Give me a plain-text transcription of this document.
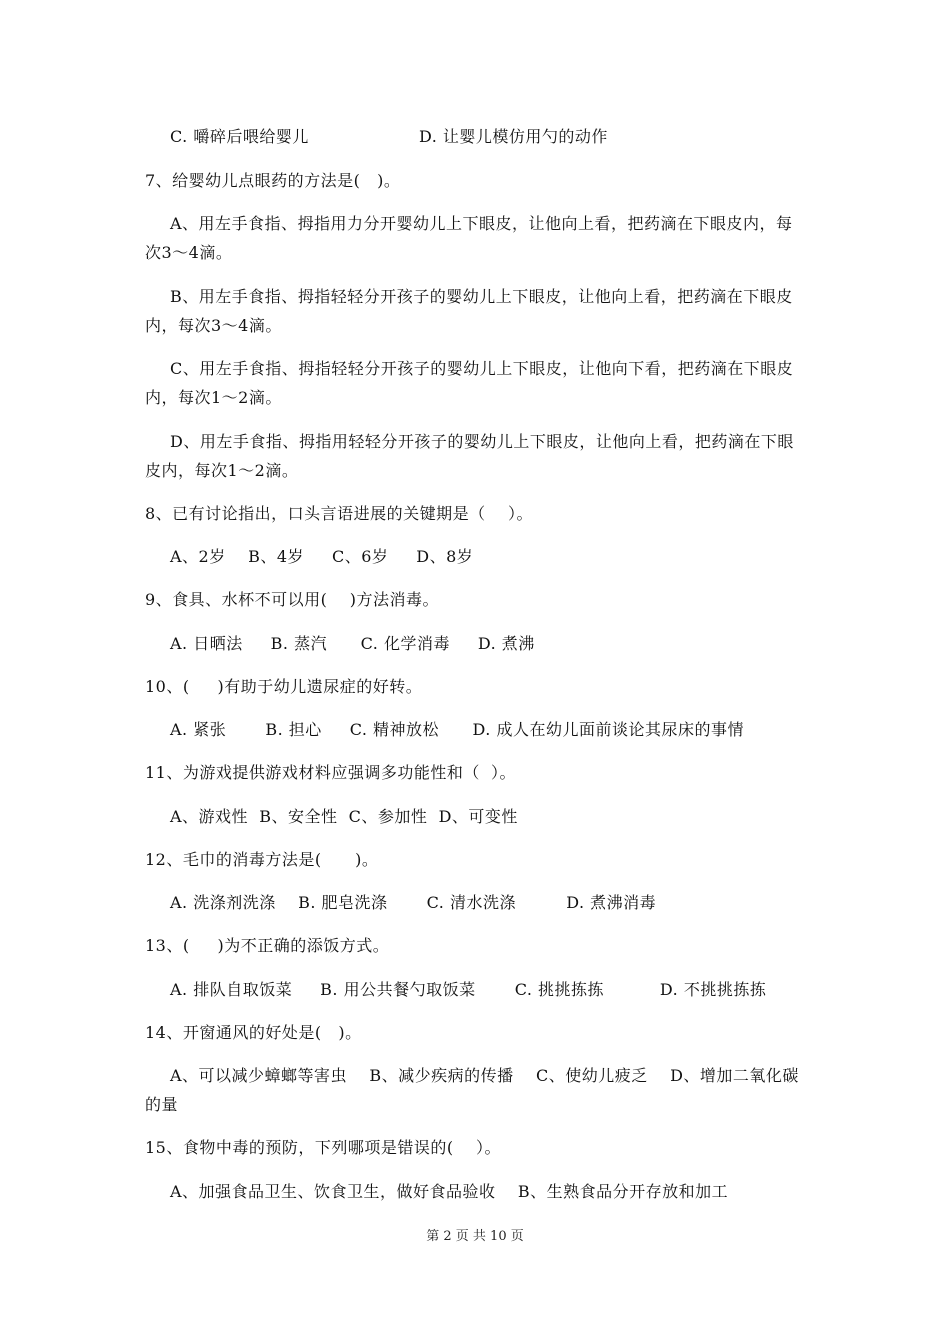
C. 嚼碎后喂给婴儿	D. 让婴儿模仿用勺的动作
7、给婴幼儿点眼药的方法是(   )。
A、用左手食指、拇指用力分开婴幼儿上下眼皮，让他向上看，把药滴在下眼皮内，每
次3～4滴。
B、用左手食指、拇指轻轻分开孩子的婴幼儿上下眼皮，让他向上看，把药滴在下眼皮
内，每次3～4滴。
C、用左手食指、拇指轻轻分开孩子的婴幼儿上下眼皮，让他向下看，把药滴在下眼皮
内，每次1～2滴。
D、用左手食指、拇指用轻轻分开孩子的婴幼儿上下眼皮，让他向上看，把药滴在下眼
皮内，每次1～2滴。
8、已有讨论指出，口头言语进展的关键期是（    ）。
A、2岁    B、4岁     C、6岁     D、8岁
9、食具、水杯不可以用(    )方法消毒。
A. 日晒法     B. 蒸汽      C. 化学消毒     D. 煮沸
10、(     )有助于幼儿遗尿症的好转。
A. 紧张       B. 担心     C. 精神放松      D. 成人在幼儿面前谈论其尿床的事情
11、为游戏提供游戏材料应强调多功能性和（  ）。
A、游戏性  B、安全性  C、参加性  D、可变性
12、毛巾的消毒方法是(      )。
A. 洗涤剂洗涤    B. 肥皂洗涤       C. 清水洗涤         D. 煮沸消毒
13、(     )为不正确的添饭方式。
A. 排队自取饭菜     B. 用公共餐勺取饭菜       C. 挑挑拣拣          D. 不挑挑拣拣
14、开窗通风的好处是(   )。
A、可以减少蟑螂等害虫    B、减少疾病的传播    C、使幼儿疲乏    D、增加二氧化碳
的量
15、食物中毒的预防，下列哪项是错误的(    ）。
A、加强食品卫生、饮食卫生，做好食品验收    B、生熟食品分开存放和加工
第 2 页 共 10 页
